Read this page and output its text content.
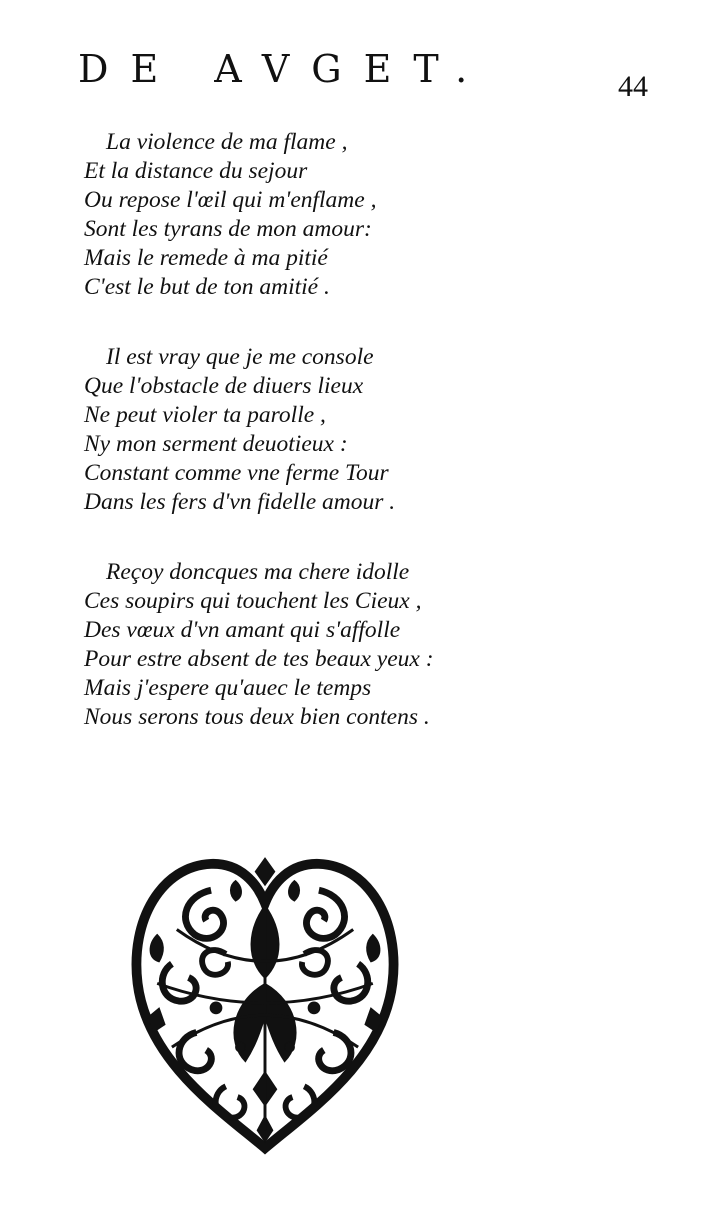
DE AVGET.	44
La violence de ma flame ,
Et la distance du sejour
Ou repose l'œil qui m'enflame ,
Sont les tyrans de mon amour:
Mais le remede à ma pitié
C'est le but de ton amitié .
Il est vray que je me console
Que l'obstacle de diuers lieux
Ne peut violer ta parolle ,
Ny mon serment deuotieux :
Constant comme vne ferme Tour
Dans les fers d'vn fidelle amour .
Reçoy doncques ma chere idolle
Ces soupirs qui touchent les Cieux ,
Des vœux d'vn amant qui s'affolle
Pour estre absent de tes beaux yeux :
Mais j'espere qu'auec le temps
Nous serons tous deux bien contens .
